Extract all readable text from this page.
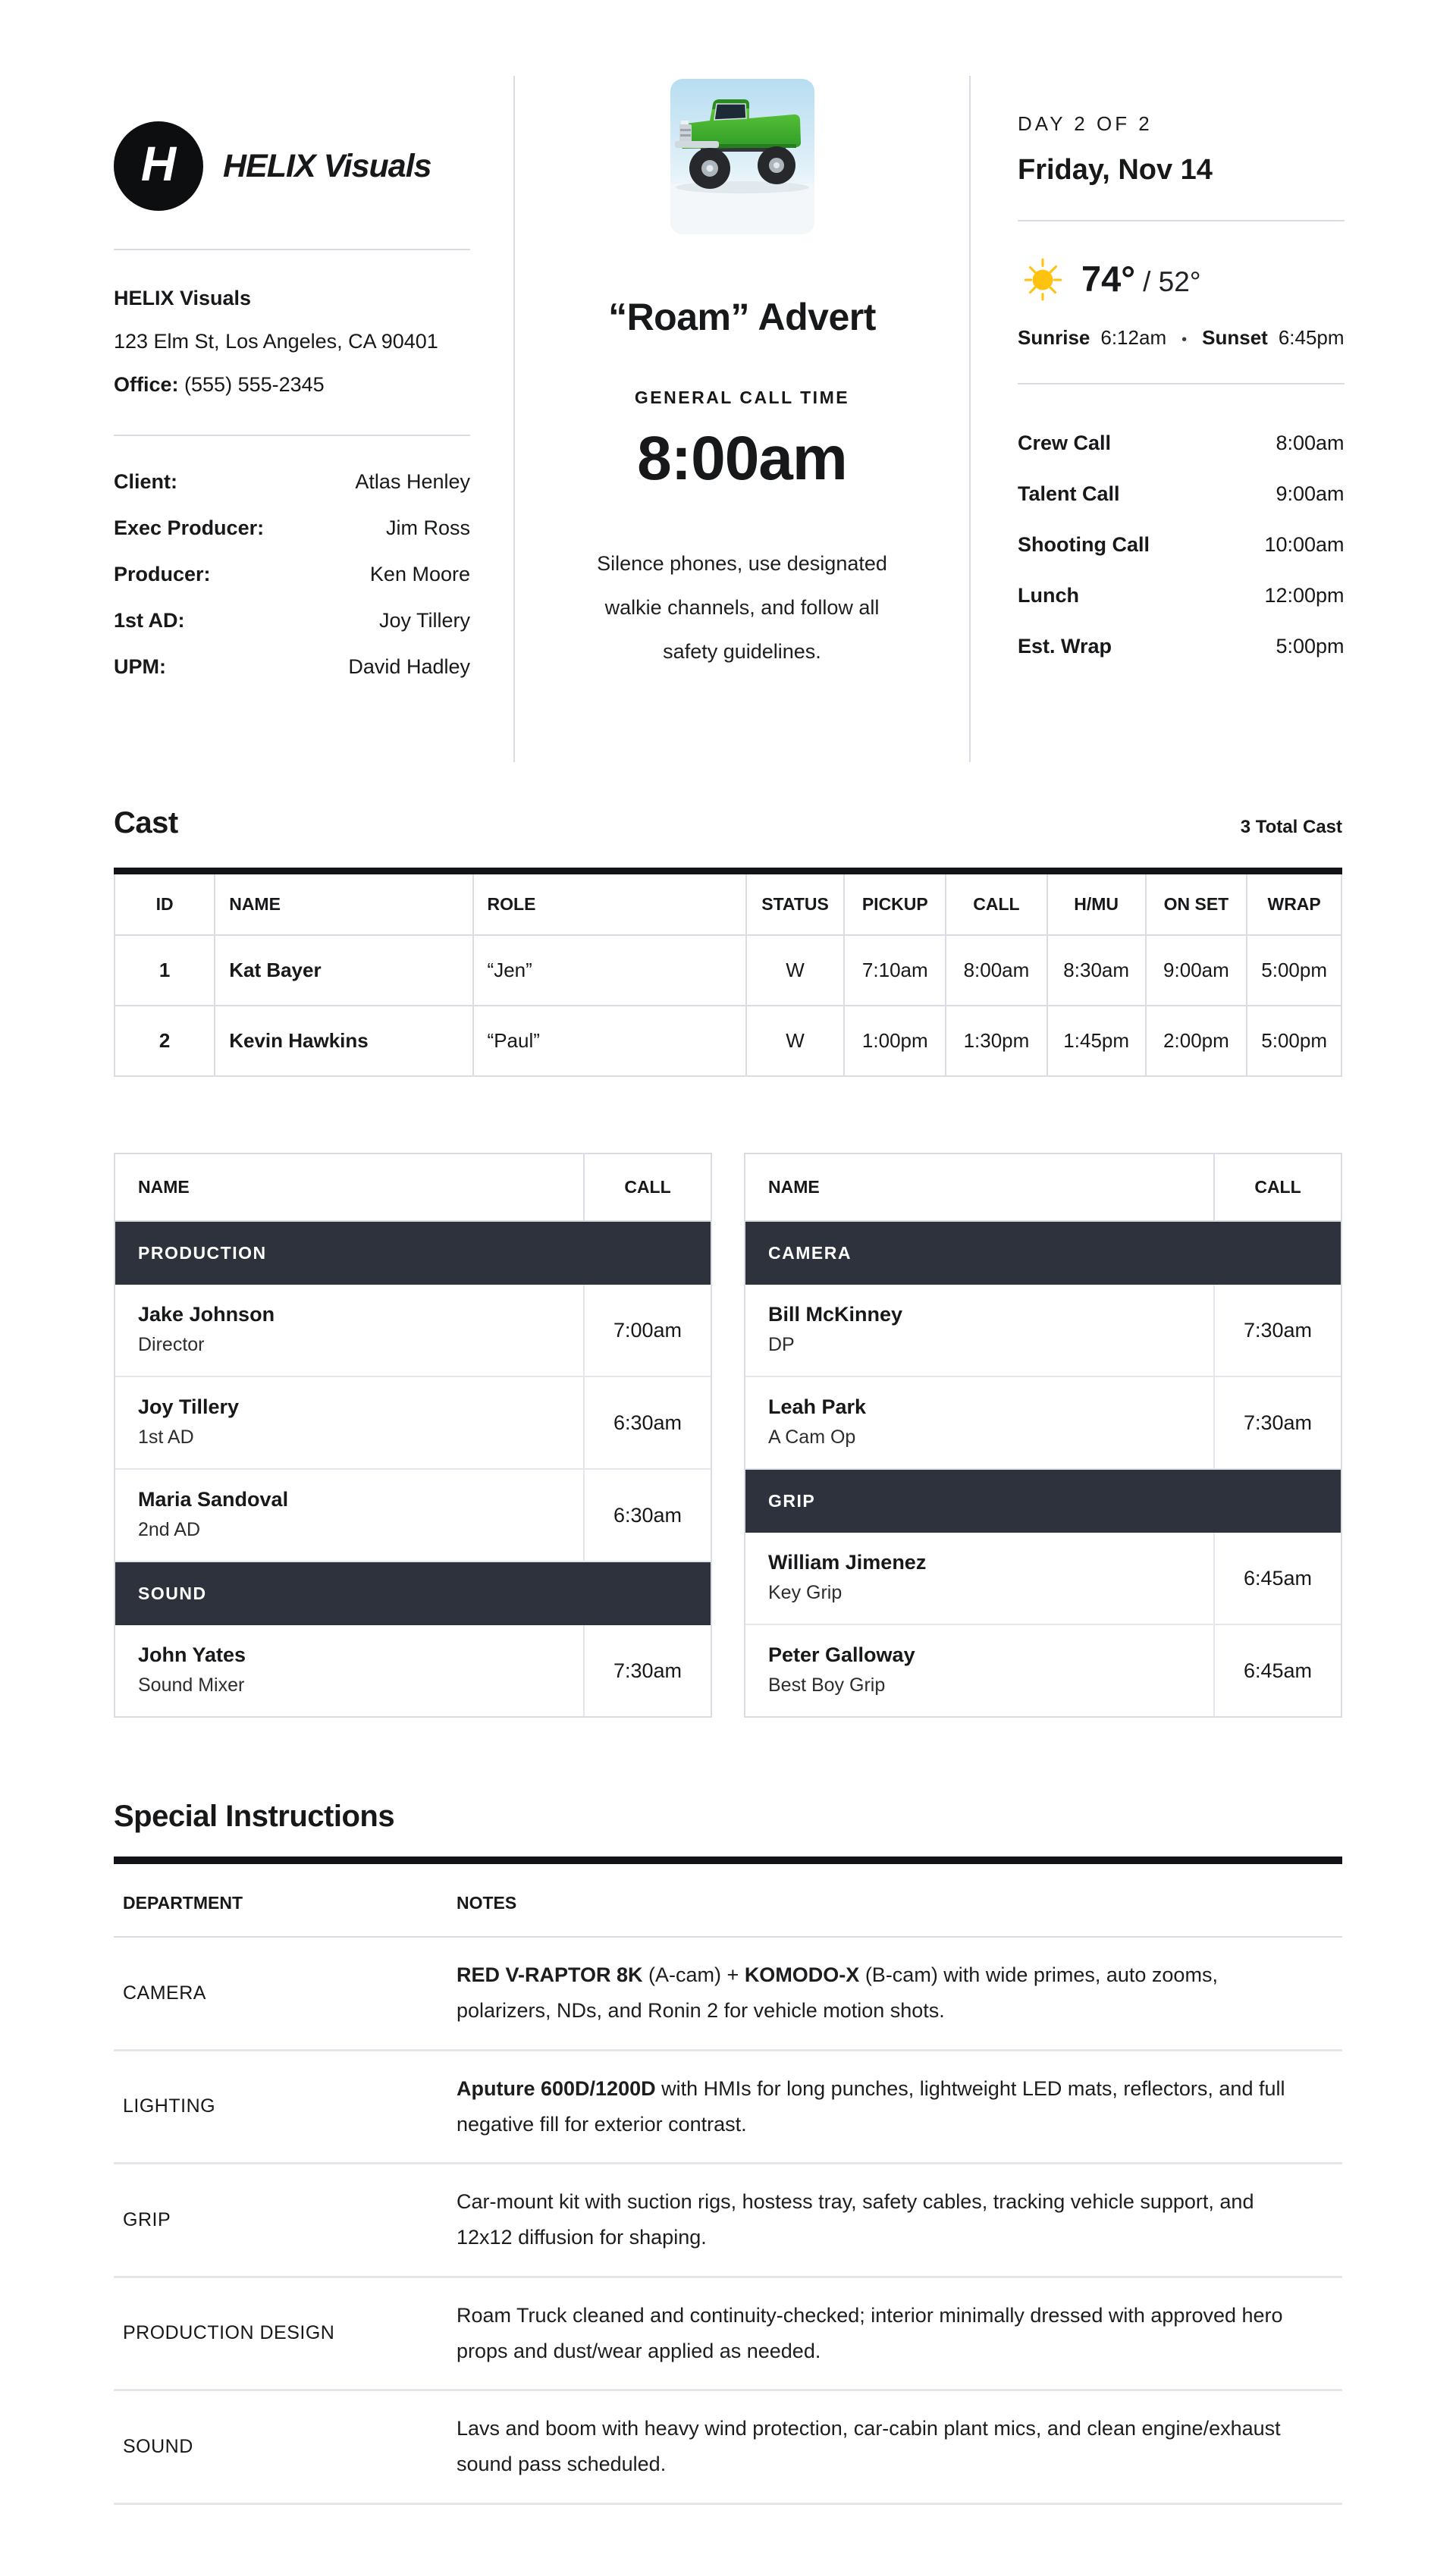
H	HELIX Visuals
HELIX Visuals
123 Elm St, Los Angeles, CA 90401
Office: (555) 555-2345
Client:	Atlas Henley
Exec Producer:	Jim Ross
Producer:	Ken Moore
1st AD:	Joy Tillery
UPM:	David Hadley
“Roam” Advert
GENERAL CALL TIME
8:00am

Silence phones, use designated walkie channels, and follow all safety guidelines.

DAY 2 OF 2
Friday, Nov 14
74° / 52°
Sunrise 6:12am	• Sunset 6:45pm
Crew Call	8:00am
Talent Call	9:00am
Shooting Call	10:00am
Lunch	12:00pm
Est. Wrap	5:00pm
Cast	3 Total Cast
ID	NAME	ROLE	STATUS	PICKUP	CALL	H/MU	ON SET	WRAP
1	Kat Bayer	“Jen”	W	7:10am	8:00am	8:30am	9:00am	5:00pm
2	Kevin Hawkins	“Paul”	W	1:00pm	1:30pm	1:45pm	2:00pm	5:00pm
NAME	CALL
PRODUCTION
Jake Johnson
Director
7:00am
Joy Tillery
1st AD
6:30am
Maria Sandoval
2nd AD
6:30am
SOUND
John Yates
Sound Mixer
7:30am
NAME	CALL
CAMERA
Bill McKinney
DP
7:30am
Leah Park
A Cam Op
7:30am
GRIP
William Jimenez
Key Grip
6:45am
Peter Galloway
Best Boy Grip
6:45am
Special Instructions
DEPARTMENT	NOTES
CAMERA
RED V-RAPTOR 8K (A-cam) + KOMODO-X (B-cam) with wide primes, auto zooms, polarizers, NDs, and Ronin 2 for vehicle motion shots.
LIGHTING
Aputure 600D/1200D with HMIs for long punches, lightweight LED mats, reflectors, and full negative fill for exterior contrast.
GRIP
Car-mount kit with suction rigs, hostess tray, safety cables, tracking vehicle support, and 12x12 diffusion for shaping.
PRODUCTION DESIGN
Roam Truck cleaned and continuity-checked; interior minimally dressed with approved hero props and dust/wear applied as needed.
SOUND
Lavs and boom with heavy wind protection, car-cabin plant mics, and clean engine/exhaust sound pass scheduled.
